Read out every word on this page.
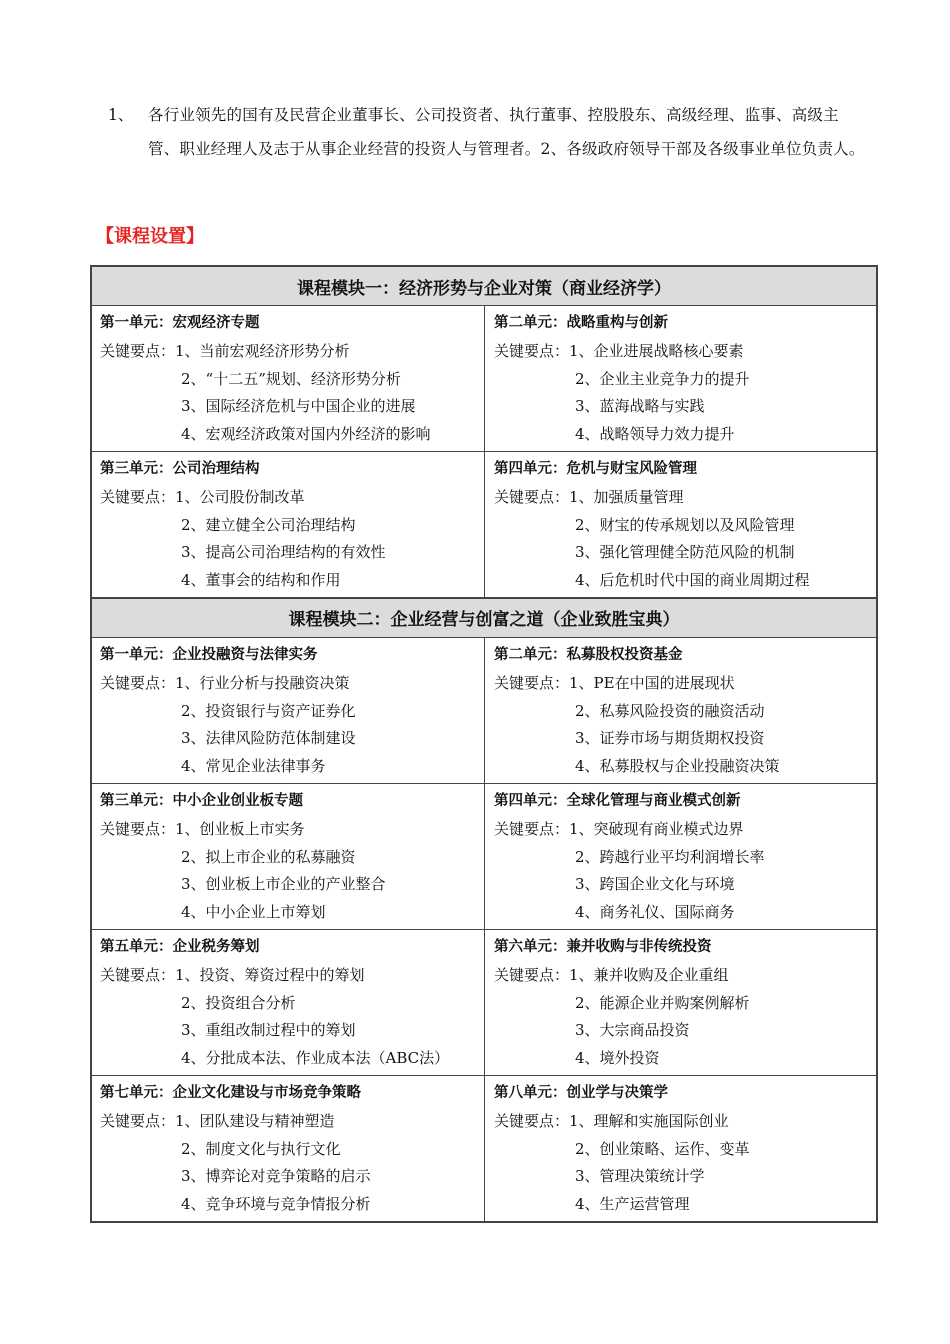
1、 各行业领先的国有及民营企业董事长、公司投资者、执行董事、控股股东、高级经理、监事、高级主管、职业经理人及志于从事企业经营的投资人与管理者。2、各级政府领导干部及各级事业单位负责人。
【课程设置】
课程模块一：经济形势与企业对策（商业经济学）
第一单元：宏观经济专题
关键要点： 1、当前宏观经济形势分析
2、“十二五”规划、经济形势分析
3、国际经济危机与中国企业的进展
4、宏观经济政策对国内外经济的影响
第二单元：战略重构与创新
关键要点： 1、企业进展战略核心要素
2、企业主业竞争力的提升
3、蓝海战略与实践
4、战略领导力效力提升
第三单元：公司治理结构
关键要点： 1、公司股份制改革
2、建立健全公司治理结构
3、提高公司治理结构的有效性
4、董事会的结构和作用
第四单元：危机与财宝风险管理
关键要点： 1、加强质量管理
2、财宝的传承规划以及风险管理
3、强化管理健全防范风险的机制
4、后危机时代中国的商业周期过程
课程模块二：企业经营与创富之道（企业致胜宝典）
第一单元：企业投融资与法律实务
关键要点： 1、行业分析与投融资决策
2、投资银行与资产证券化
3、法律风险防范体制建设
4、常见企业法律事务
第二单元：私募股权投资基金
关键要点： 1、PE在中国的进展现状
2、私募风险投资的融资活动
3、证券市场与期货期权投资
4、私募股权与企业投融资决策
第三单元：中小企业创业板专题
关键要点： 1、创业板上市实务
2、拟上市企业的私募融资
3、创业板上市企业的产业整合
4、中小企业上市筹划
第四单元：全球化管理与商业模式创新
关键要点： 1、突破现有商业模式边界
2、跨越行业平均利润增长率
3、跨国企业文化与环境
4、商务礼仪、国际商务
第五单元：企业税务筹划
关键要点： 1、投资、筹资过程中的筹划
2、投资组合分析
3、重组改制过程中的筹划
4、分批成本法、作业成本法（ABC法）
第六单元：兼并收购与非传统投资
关键要点： 1、兼并收购及企业重组
2、能源企业并购案例解析
3、大宗商品投资
4、境外投资
第七单元：企业文化建设与市场竞争策略
关键要点： 1、团队建设与精神塑造
2、制度文化与执行文化
3、博弈论对竞争策略的启示
4、竞争环境与竞争情报分析
第八单元：创业学与决策学
关键要点： 1、理解和实施国际创业
2、创业策略、运作、变革
3、管理决策统计学
4、生产运营管理
